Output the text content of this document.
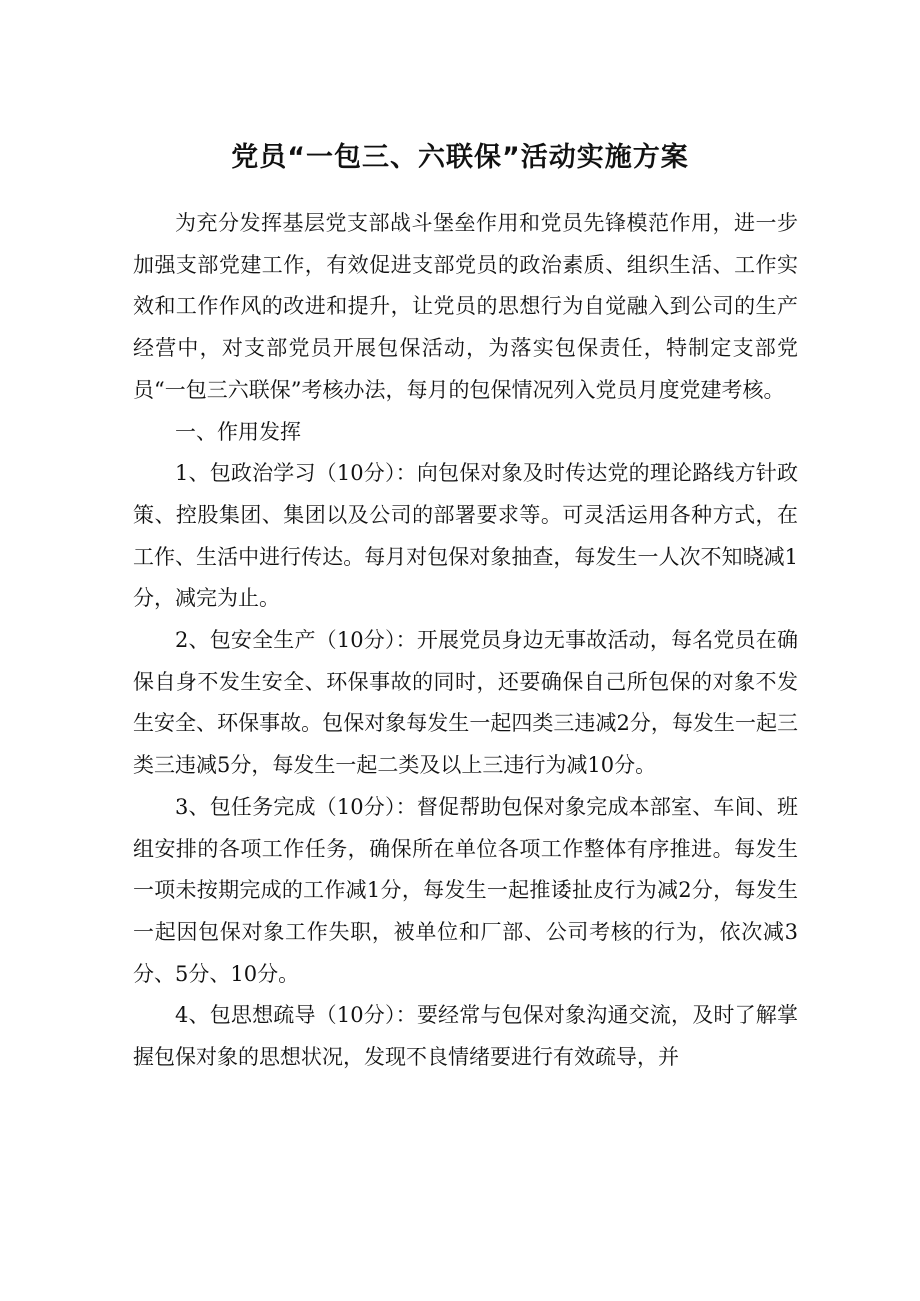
党员“一包三、六联保”活动实施方案

为充分发挥基层党支部战斗堡垒作用和党员先锋模范作用，进一步加强支部党建工作，有效促进支部党员的政治素质、组织生活、工作实效和工作作风的改进和提升，让党员的思想行为自觉融入到公司的生产经营中，对支部党员开展包保活动，为落实包保责任，特制定支部党员“一包三六联保”考核办法，每月的包保情况列入党员月度党建考核。

一、作用发挥

1、包政治学习（10分）：向包保对象及时传达党的理论路线方针政策、控股集团、集团以及公司的部署要求等。可灵活运用各种方式，在工作、生活中进行传达。每月对包保对象抽查，每发生一人次不知晓减1分，减完为止。

2、包安全生产（10分）：开展党员身边无事故活动，每名党员在确保自身不发生安全、环保事故的同时，还要确保自己所包保的对象不发生安全、环保事故。包保对象每发生一起四类三违减2分，每发生一起三类三违减5分，每发生一起二类及以上三违行为减10分。

3、包任务完成（10分）：督促帮助包保对象完成本部室、车间、班组安排的各项工作任务，确保所在单位各项工作整体有序推进。每发生一项未按期完成的工作减1分，每发生一起推诿扯皮行为减2分，每发生一起因包保对象工作失职，被单位和厂部、公司考核的行为，依次减3分、5分、10分。

4、包思想疏导（10分）：要经常与包保对象沟通交流，及时了解掌握包保对象的思想状况，发现不良情绪要进行有效疏导，并
